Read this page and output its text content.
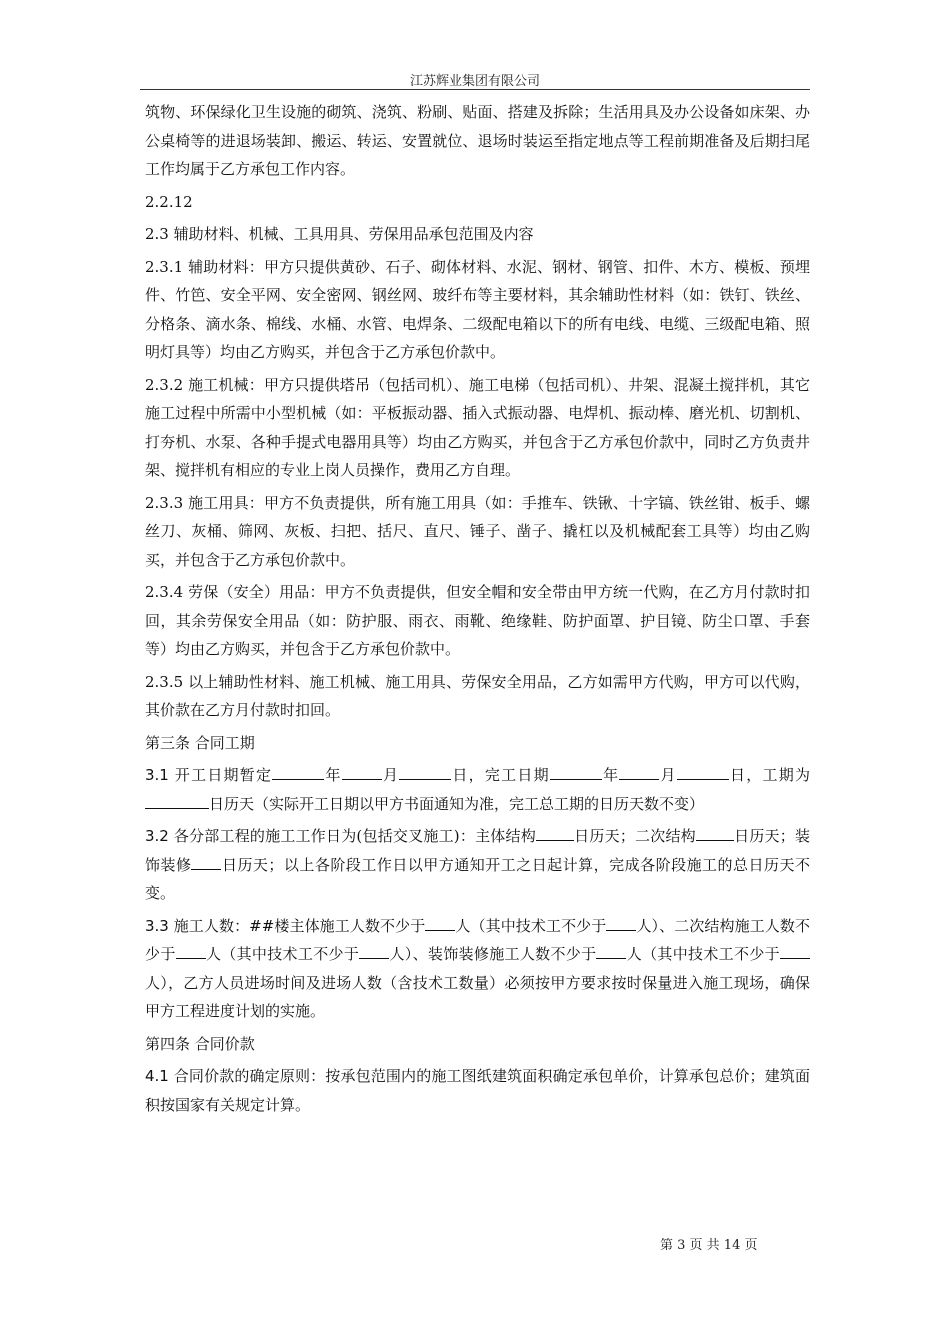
江苏辉业集团有限公司

筑物、环保绿化卫生设施的砌筑、浇筑、粉刷、贴面、搭建及拆除；生活用具及办公设备如床架、办公桌椅等的进退场装卸、搬运、转运、安置就位、退场时装运至指定地点等工程前期准备及后期扫尾工作均属于乙方承包工作内容。

2.2.12

2.3 辅助材料、机械、工具用具、劳保用品承包范围及内容

2.3.1 辅助材料：甲方只提供黄砂、石子、砌体材料、水泥、钢材、钢管、扣件、木方、模板、预埋件、竹笆、安全平网、安全密网、钢丝网、玻纤布等主要材料，其余辅助性材料（如：铁钉、铁丝、分格条、滴水条、棉线、水桶、水管、电焊条、二级配电箱以下的所有电线、电缆、三级配电箱、照明灯具等）均由乙方购买，并包含于乙方承包价款中。

2.3.2 施工机械：甲方只提供塔吊（包括司机）、施工电梯（包括司机）、井架、混凝土搅拌机，其它施工过程中所需中小型机械（如：平板振动器、插入式振动器、电焊机、振动棒、磨光机、切割机、打夯机、水泵、各种手提式电器用具等）均由乙方购买，并包含于乙方承包价款中，同时乙方负责井架、搅拌机有相应的专业上岗人员操作，费用乙方自理。

2.3.3 施工用具：甲方不负责提供，所有施工用具（如：手推车、铁锹、十字镐、铁丝钳、板手、螺丝刀、灰桶、筛网、灰板、扫把、括尺、直尺、锤子、凿子、撬杠以及机械配套工具等）均由乙购买，并包含于乙方承包价款中。

2.3.4 劳保（安全）用品：甲方不负责提供，但安全帽和安全带由甲方统一代购，在乙方月付款时扣回，其余劳保安全用品（如：防护服、雨衣、雨靴、绝缘鞋、防护面罩、护目镜、防尘口罩、手套等）均由乙方购买，并包含于乙方承包价款中。

2.3.5 以上辅助性材料、施工机械、施工用具、劳保安全用品，乙方如需甲方代购，甲方可以代购，其价款在乙方月付款时扣回。

第三条 合同工期

3.1 开工日期暂定	年	月	日，完工日期	年	月	日，工期为日历天（实际开工日期以甲方书面通知为准，完工总工期的日历天数不变）

3.2 各分部工程的施工工作日为(包括交叉施工)：主体结构	日历天；二次结构	日历天；装饰装修 日历天；以上各阶段工作日以甲方通知开工之日起计算，完成各阶段施工的总日历天不变。

3.3 施工人数：##楼主体施工人数不少于 人（其中技术工不少于 人）、二次结构施工人数不少于 人（其中技术工不少于 人）、装饰装修施工人数不少于 人（其中技术工不少于人），乙方人员进场时间及进场人数（含技术工数量）必须按甲方要求按时保量进入施工现场，确保甲方工程进度计划的实施。

第四条 合同价款

4.1 合同价款的确定原则：按承包范围内的施工图纸建筑面积确定承包单价，计算承包总价；建筑面积按国家有关规定计算。

第 3 页 共 14 页
